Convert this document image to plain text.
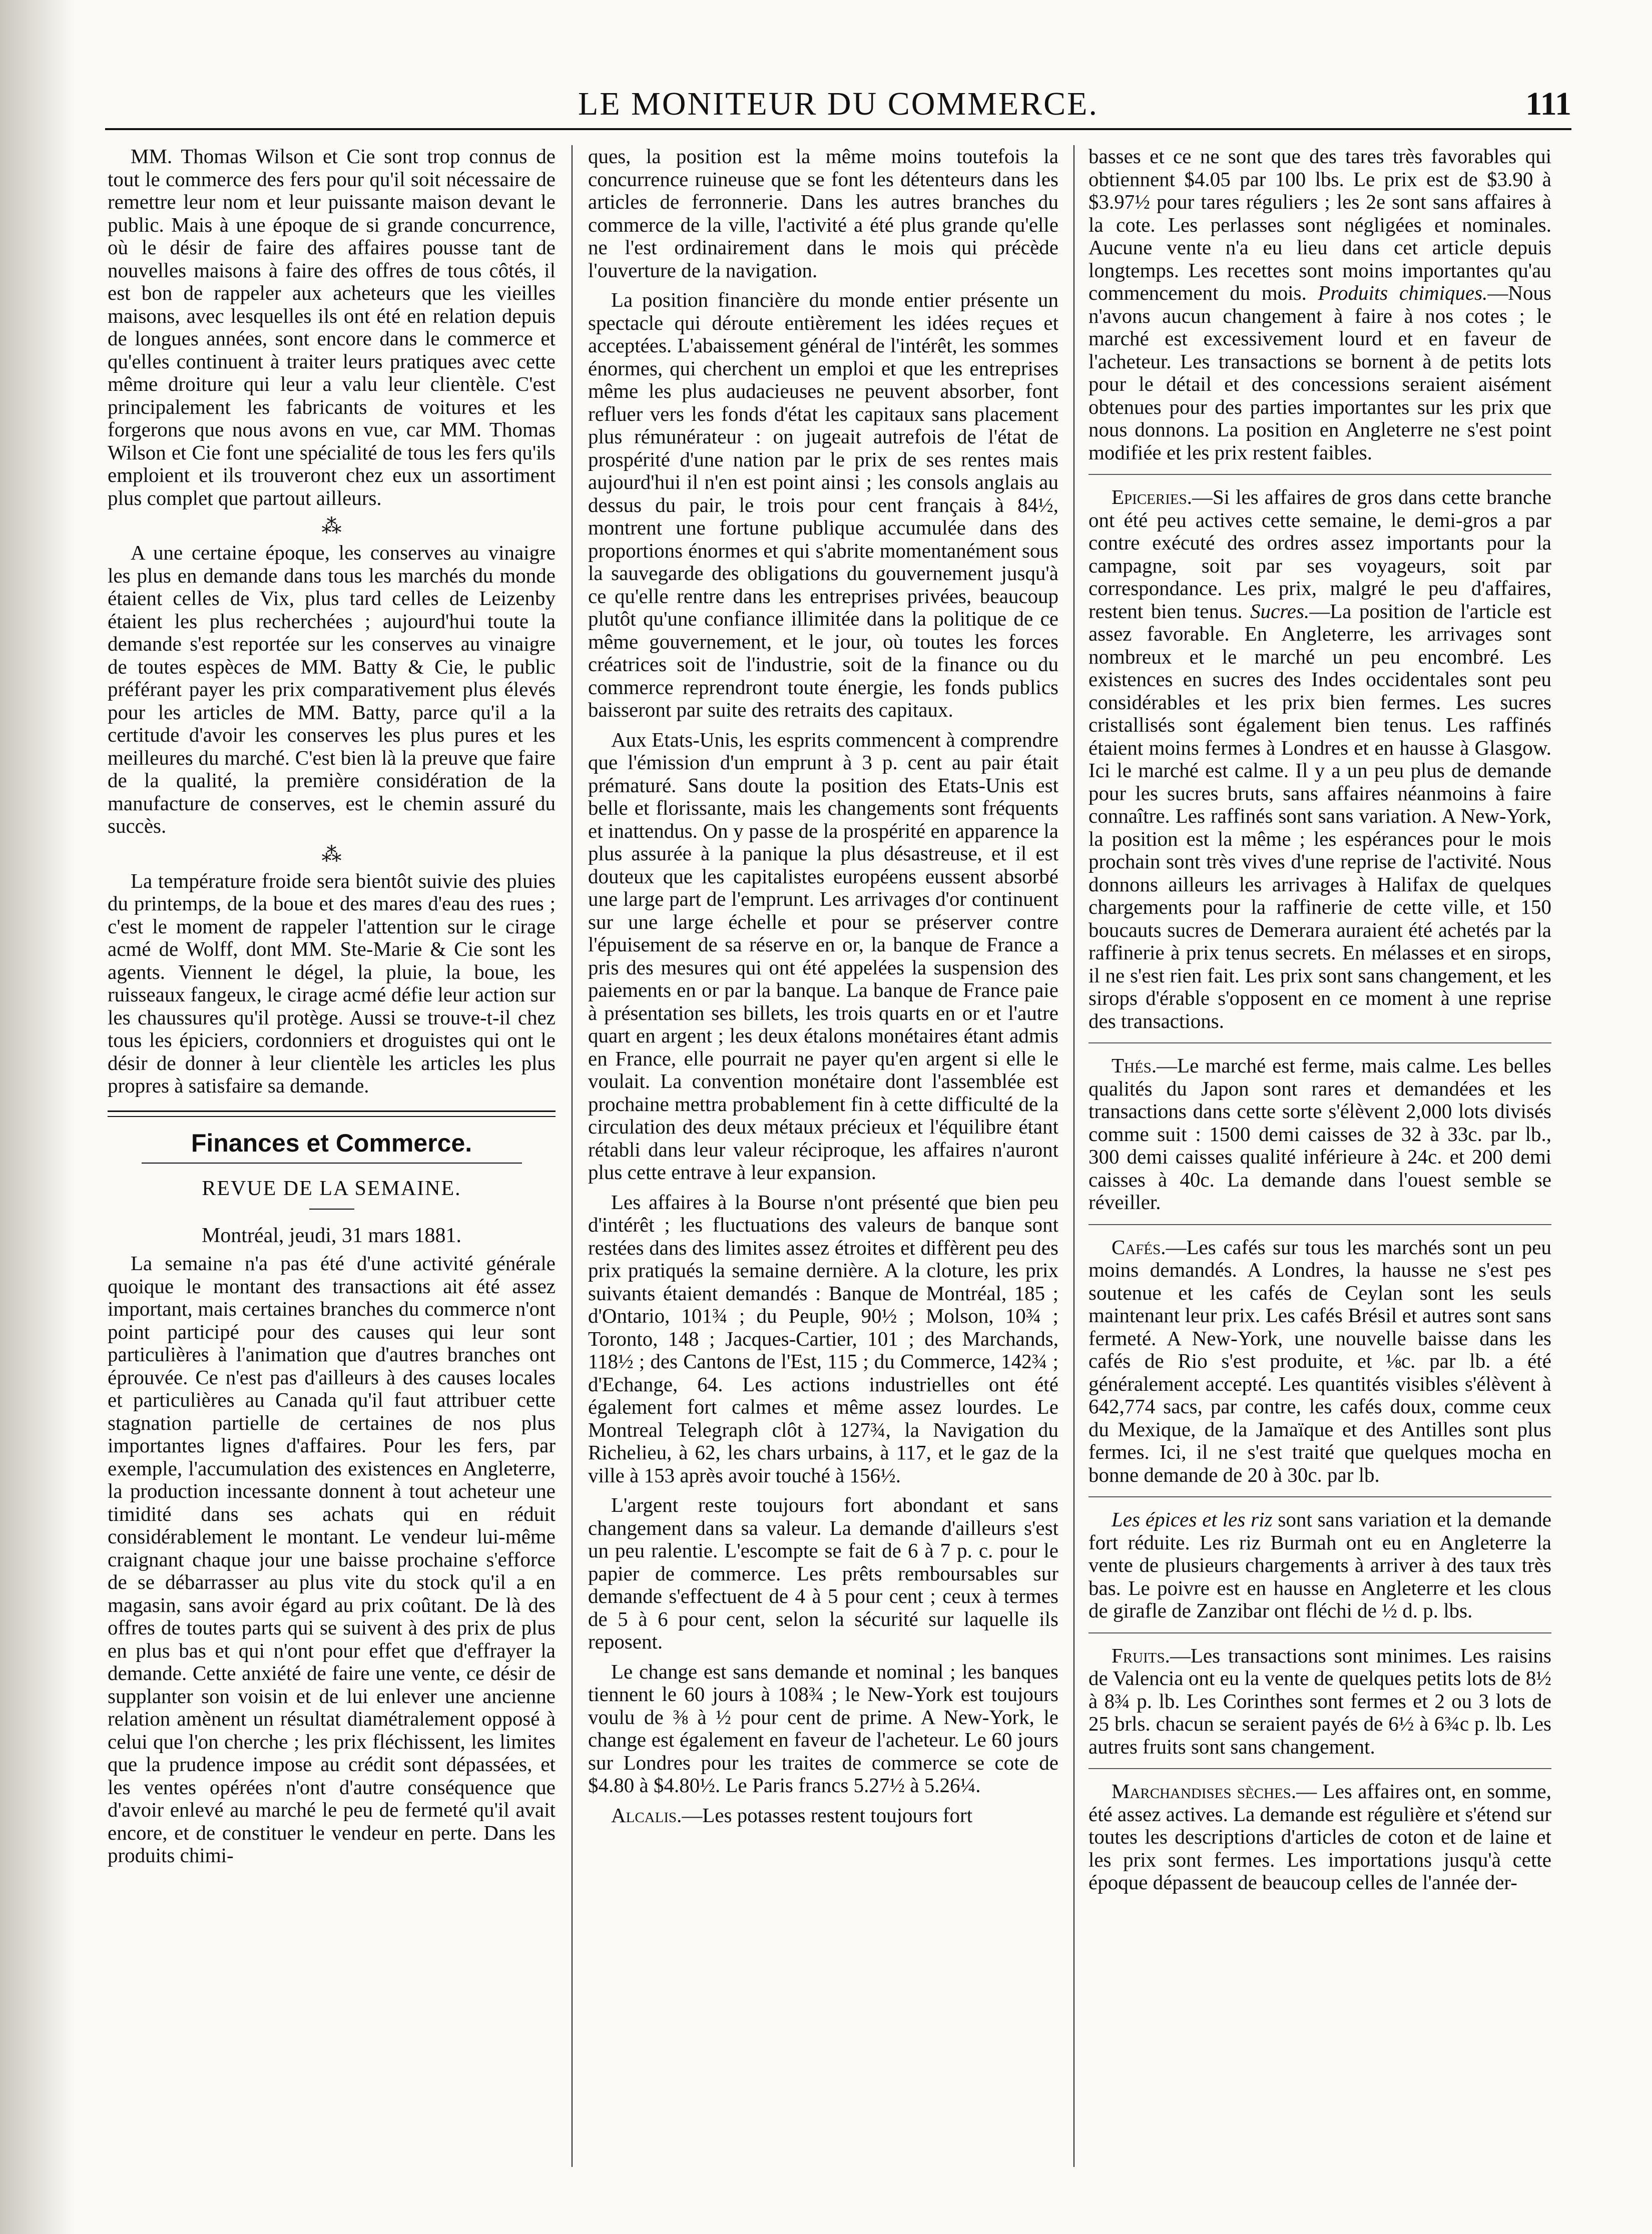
LE MONITEUR DU COMMERCE.	111

MM. Thomas Wilson et Cie sont trop connus de tout le commerce des fers pour qu'il soit nécessaire de remettre leur nom et leur puissante maison devant le public. Mais à une époque de si grande concurrence, où le désir de faire des affaires pousse tant de nouvelles maisons à faire des offres de tous côtés, il est bon de rappeler aux acheteurs que les vieilles maisons, avec lesquelles ils ont été en relation depuis de longues années, sont encore dans le commerce et qu'elles continuent à traiter leurs pratiques avec cette même droiture qui leur a valu leur clientèle. C'est principalement les fabricants de voitures et les forgerons que nous avons en vue, car MM. Thomas Wilson et Cie font une spécialité de tous les fers qu'ils emploient et ils trouveront chez eux un assortiment plus complet que partout ailleurs.

⁂

A une certaine époque, les conserves au vinaigre les plus en demande dans tous les marchés du monde étaient celles de Vix, plus tard celles de Leizenby étaient les plus recherchées ; aujourd'hui toute la demande s'est reportée sur les conserves au vinaigre de toutes espèces de MM. Batty & Cie, le public préférant payer les prix comparativement plus élevés pour les articles de MM. Batty, parce qu'il a la certitude d'avoir les conserves les plus pures et les meilleures du marché. C'est bien là la preuve que faire de la qualité, la première considération de la manufacture de conserves, est le chemin assuré du succès.

⁂

La température froide sera bientôt suivie des pluies du printemps, de la boue et des mares d'eau des rues ; c'est le moment de rappeler l'attention sur le cirage acmé de Wolff, dont MM. Ste-Marie & Cie sont les agents. Viennent le dégel, la pluie, la boue, les ruisseaux fangeux, le cirage acmé défie leur action sur les chaussures qu'il protège. Aussi se trouve-t-il chez tous les épiciers, cordonniers et droguistes qui ont le désir de donner à leur clientèle les articles les plus propres à satisfaire sa demande.

Finances et Commerce.
REVUE DE LA SEMAINE.
Montréal, jeudi, 31 mars 1881.

La semaine n'a pas été d'une activité générale quoique le montant des transactions ait été assez important, mais certaines branches du commerce n'ont point participé pour des causes qui leur sont particulières à l'animation que d'autres branches ont éprouvée. Ce n'est pas d'ailleurs à des causes locales et particulières au Canada qu'il faut attribuer cette stagnation partielle de certaines de nos plus importantes lignes d'affaires. Pour les fers, par exemple, l'accumulation des existences en Angleterre, la production incessante donnent à tout acheteur une timidité dans ses achats qui en réduit considérablement le montant. Le vendeur lui-même craignant chaque jour une baisse prochaine s'efforce de se débarrasser au plus vite du stock qu'il a en magasin, sans avoir égard au prix coûtant. De là des offres de toutes parts qui se suivent à des prix de plus en plus bas et qui n'ont pour effet que d'effrayer la demande. Cette anxiété de faire une vente, ce désir de supplanter son voisin et de lui enlever une ancienne relation amènent un résultat diamétralement opposé à celui que l'on cherche ; les prix fléchissent, les limites que la prudence impose au crédit sont dépassées, et les ventes opérées n'ont d'autre conséquence que d'avoir enlevé au marché le peu de fermeté qu'il avait encore, et de constituer le vendeur en perte. Dans les produits chimi-

ques, la position est la même moins toutefois la concurrence ruineuse que se font les détenteurs dans les articles de ferronnerie. Dans les autres branches du commerce de la ville, l'activité a été plus grande qu'elle ne l'est ordinairement dans le mois qui précède l'ouverture de la navigation.

La position financière du monde entier présente un spectacle qui déroute entièrement les idées reçues et acceptées. L'abaissement général de l'intérêt, les sommes énormes, qui cherchent un emploi et que les entreprises même les plus audacieuses ne peuvent absorber, font refluer vers les fonds d'état les capitaux sans placement plus rémunérateur : on jugeait autrefois de l'état de prospérité d'une nation par le prix de ses rentes mais aujourd'hui il n'en est point ainsi ; les consols anglais au dessus du pair, le trois pour cent français à 84½, montrent une fortune publique accumulée dans des proportions énormes et qui s'abrite momentanément sous la sauvegarde des obligations du gouvernement jusqu'à ce qu'elle rentre dans les entreprises privées, beaucoup plutôt qu'une confiance illimitée dans la politique de ce même gouvernement, et le jour, où toutes les forces créatrices soit de l'industrie, soit de la finance ou du commerce reprendront toute énergie, les fonds publics baisseront par suite des retraits des capitaux.

Aux Etats-Unis, les esprits commencent à comprendre que l'émission d'un emprunt à 3 p. cent au pair était prématuré. Sans doute la position des Etats-Unis est belle et florissante, mais les changements sont fréquents et inattendus. On y passe de la prospérité en apparence la plus assurée à la panique la plus désastreuse, et il est douteux que les capitalistes européens eussent absorbé une large part de l'emprunt. Les arrivages d'or continuent sur une large échelle et pour se préserver contre l'épuisement de sa réserve en or, la banque de France a pris des mesures qui ont été appelées la suspension des paiements en or par la banque. La banque de France paie à présentation ses billets, les trois quarts en or et l'autre quart en argent ; les deux étalons monétaires étant admis en France, elle pourrait ne payer qu'en argent si elle le voulait. La convention monétaire dont l'assemblée est prochaine mettra probablement fin à cette difficulté de la circulation des deux métaux précieux et l'équilibre étant rétabli dans leur valeur réciproque, les affaires n'auront plus cette entrave à leur expansion.

Les affaires à la Bourse n'ont présenté que bien peu d'intérêt ; les fluctuations des valeurs de banque sont restées dans des limites assez étroites et diffèrent peu des prix pratiqués la semaine dernière. A la cloture, les prix suivants étaient demandés : Banque de Montréal, 185 ; d'Ontario, 101¾ ; du Peuple, 90½ ; Molson, 10¾ ; Toronto, 148 ; Jacques-Cartier, 101 ; des Marchands, 118½ ; des Cantons de l'Est, 115 ; du Commerce, 142¾ ; d'Echange, 64. Les actions industrielles ont été également fort calmes et même assez lourdes. Le Montreal Telegraph clôt à 127¾, la Navigation du Richelieu, à 62, les chars urbains, à 117, et le gaz de la ville à 153 après avoir touché à 156½.

L'argent reste toujours fort abondant et sans changement dans sa valeur. La demande d'ailleurs s'est un peu ralentie. L'escompte se fait de 6 à 7 p. c. pour le papier de commerce. Les prêts remboursables sur demande s'effectuent de 4 à 5 pour cent ; ceux à termes de 5 à 6 pour cent, selon la sécurité sur laquelle ils reposent.

Le change est sans demande et nominal ; les banques tiennent le 60 jours à 108¾ ; le New-York est toujours voulu de ⅜ à ½ pour cent de prime. A New-York, le change est également en faveur de l'acheteur. Le 60 jours sur Londres pour les traites de commerce se cote de $4.80 à $4.80½. Le Paris francs 5.27½ à 5.26¼.

Alcalis.—Les potasses restent toujours fort

basses et ce ne sont que des tares très favorables qui obtiennent $4.05 par 100 lbs. Le prix est de $3.90 à $3.97½ pour tares réguliers ; les 2e sont sans affaires à la cote. Les perlasses sont négligées et nominales. Aucune vente n'a eu lieu dans cet article depuis longtemps. Les recettes sont moins importantes qu'au commencement du mois. Produits chimiques.—Nous n'avons aucun changement à faire à nos cotes ; le marché est excessivement lourd et en faveur de l'acheteur. Les transactions se bornent à de petits lots pour le détail et des concessions seraient aisément obtenues pour des parties importantes sur les prix que nous donnons. La position en Angleterre ne s'est point modifiée et les prix restent faibles.

Epiceries.—Si les affaires de gros dans cette branche ont été peu actives cette semaine, le demi-gros a par contre exécuté des ordres assez importants pour la campagne, soit par ses voyageurs, soit par correspondance. Les prix, malgré le peu d'affaires, restent bien tenus. Sucres.—La position de l'article est assez favorable. En Angleterre, les arrivages sont nombreux et le marché un peu encombré. Les existences en sucres des Indes occidentales sont peu considérables et les prix bien fermes. Les sucres cristallisés sont également bien tenus. Les raffinés étaient moins fermes à Londres et en hausse à Glasgow. Ici le marché est calme. Il y a un peu plus de demande pour les sucres bruts, sans affaires néanmoins à faire connaître. Les raffinés sont sans variation. A New-York, la position est la même ; les espérances pour le mois prochain sont très vives d'une reprise de l'activité. Nous donnons ailleurs les arrivages à Halifax de quelques chargements pour la raffinerie de cette ville, et 150 boucauts sucres de Demerara auraient été achetés par la raffinerie à prix tenus secrets. En mélasses et en sirops, il ne s'est rien fait. Les prix sont sans changement, et les sirops d'érable s'opposent en ce moment à une reprise des transactions.

Thés.—Le marché est ferme, mais calme. Les belles qualités du Japon sont rares et demandées et les transactions dans cette sorte s'élèvent 2,000 lots divisés comme suit : 1500 demi caisses de 32 à 33c. par lb., 300 demi caisses qualité inférieure à 24c. et 200 demi caisses à 40c. La demande dans l'ouest semble se réveiller.

Cafés.—Les cafés sur tous les marchés sont un peu moins demandés. A Londres, la hausse ne s'est pes soutenue et les cafés de Ceylan sont les seuls maintenant leur prix. Les cafés Brésil et autres sont sans fermeté. A New-York, une nouvelle baisse dans les cafés de Rio s'est produite, et ⅛c. par lb. a été généralement accepté. Les quantités visibles s'élèvent à 642,774 sacs, par contre, les cafés doux, comme ceux du Mexique, de la Jamaïque et des Antilles sont plus fermes. Ici, il ne s'est traité que quelques mocha en bonne demande de 20 à 30c. par lb.

Les épices et les riz sont sans variation et la demande fort réduite. Les riz Burmah ont eu en Angleterre la vente de plusieurs chargements à arriver à des taux très bas. Le poivre est en hausse en Angleterre et les clous de girafle de Zanzibar ont fléchi de ½ d. p. lbs.

Fruits.—Les transactions sont minimes. Les raisins de Valencia ont eu la vente de quelques petits lots de 8½ à 8¾ p. lb. Les Corinthes sont fermes et 2 ou 3 lots de 25 brls. chacun se seraient payés de 6½ à 6¾c p. lb. Les autres fruits sont sans changement.

Marchandises sèches.— Les affaires ont, en somme, été assez actives. La demande est régulière et s'étend sur toutes les descriptions d'articles de coton et de laine et les prix sont fermes. Les importations jusqu'à cette époque dépassent de beaucoup celles de l'année der-
